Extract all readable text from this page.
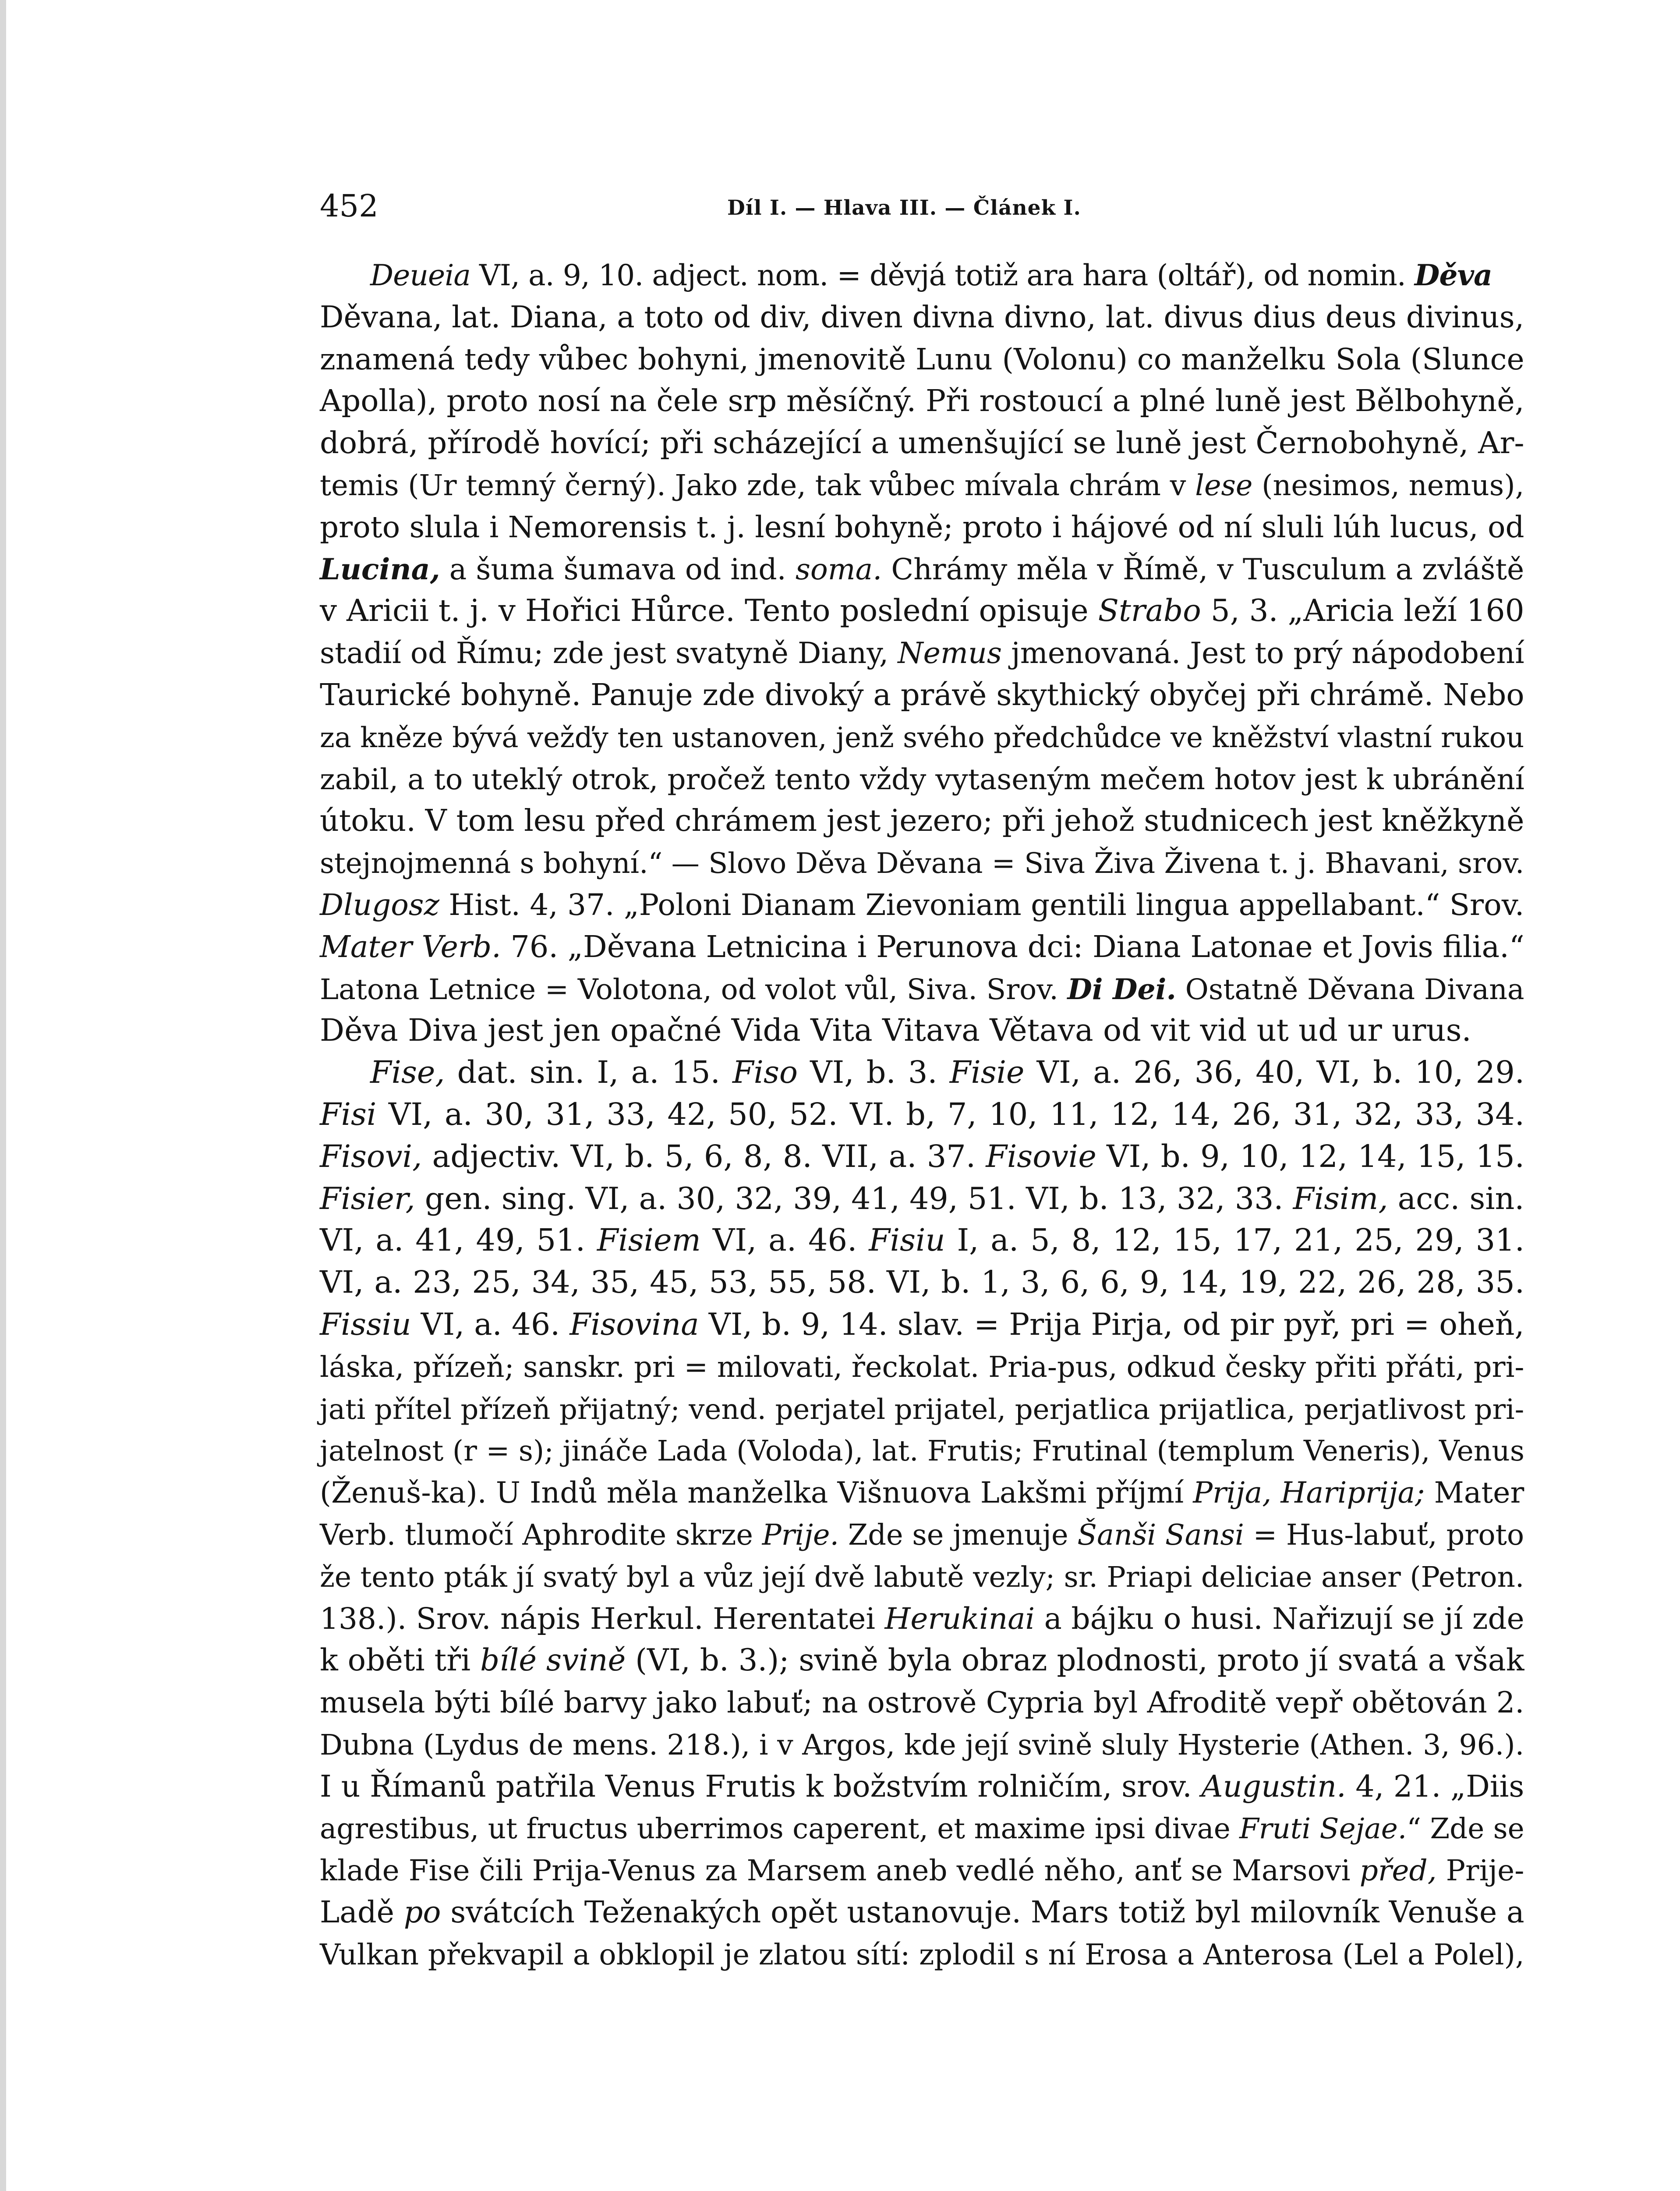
452	Díl I. — Hlava III. — Článek I.
Deueia VI, a. 9, 10. adject. nom. = děvjá totiž ara hara (oltář), od nomin. Děva
Děvana, lat. Diana, a toto od div, diven divna divno, lat. divus dius deus divinus,
znamená tedy vůbec bohyni, jmenovitě Lunu (Volonu) co manželku Sola (Slunce
Apolla), proto nosí na čele srp měsíčný. Při rostoucí a plné luně jest Bělbohyně,
dobrá, přírodě hovící; při scházející a umenšující se luně jest Černobohyně, Ar-
temis (Ur temný černý). Jako zde, tak vůbec mívala chrám v lese (nesimos, nemus),
proto slula i Nemorensis t. j. lesní bohyně; proto i hájové od ní sluli lúh lucus, od
Lucina, a šuma šumava od ind. soma. Chrámy měla v Římě, v Tusculum a zvláště
v Aricii t. j. v Hořici Hůrce. Tento poslední opisuje Strabo 5, 3. „Aricia leží 160
stadií od Římu; zde jest svatyně Diany, Nemus jmenovaná. Jest to prý nápodobení
Taurické bohyně. Panuje zde divoký a právě skythický obyčej při chrámě. Nebo
za kněze bývá vežďy ten ustanoven, jenž svého předchůdce ve kněžství vlastní rukou
zabil, a to uteklý otrok, pročež tento vždy vytaseným mečem hotov jest k ubránění
útoku. V tom lesu před chrámem jest jezero; při jehož studnicech jest kněžkyně
stejnojmenná s bohyní.“ — Slovo Děva Děvana = Siva Živa Živena t. j. Bhavani, srov.
Dlugosz Hist. 4, 37. „Poloni Dianam Zievoniam gentili lingua appellabant.“ Srov.
Mater Verb. 76. „Děvana Letnicina i Perunova dci: Diana Latonae et Jovis filia.“
Latona Letnice = Volotona, od volot vůl, Siva. Srov. Di Dei. Ostatně Děvana Divana
Děva Diva jest jen opačné Vida Vita Vitava Větava od vit vid ut ud ur urus.
Fise, dat. sin. I, a. 15. Fiso VI, b. 3. Fisie VI, a. 26, 36, 40, VI, b. 10, 29.
Fisi VI, a. 30, 31, 33, 42, 50, 52. VI. b, 7, 10, 11, 12, 14, 26, 31, 32, 33, 34.
Fisovi, adjectiv. VI, b. 5, 6, 8, 8. VII, a. 37. Fisovie VI, b. 9, 10, 12, 14, 15, 15.
Fisier, gen. sing. VI, a. 30, 32, 39, 41, 49, 51. VI, b. 13, 32, 33. Fisim, acc. sin.
VI, a. 41, 49, 51. Fisiem VI, a. 46. Fisiu I, a. 5, 8, 12, 15, 17, 21, 25, 29, 31.
VI, a. 23, 25, 34, 35, 45, 53, 55, 58. VI, b. 1, 3, 6, 6, 9, 14, 19, 22, 26, 28, 35.
Fissiu VI, a. 46. Fisovina VI, b. 9, 14. slav. = Prija Pirja, od pir pyř, pri = oheň,
láska, přízeň; sanskr. pri = milovati, řeckolat. Pria-pus, odkud česky přiti přáti, pri-
jati přítel přízeň přijatný; vend. perjatel prijatel, perjatlica prijatlica, perjatlivost pri-
jatelnost (r = s); jináče Lada (Voloda), lat. Frutis; Frutinal (templum Veneris), Venus
(Ženuš-ka). U Indů měla manželka Višnuova Lakšmi příjmí Prija, Hariprija; Mater
Verb. tlumočí Aphrodite skrze Prije. Zde se jmenuje Šanši Sansi = Hus-labuť, proto
že tento pták jí svatý byl a vůz její dvě labutě vezly; sr. Priapi deliciae anser (Petron.
138.). Srov. nápis Herkul. Herentatei Herukinai a bájku o husi. Nařizují se jí zde
k oběti tři bílé svině (VI, b. 3.); svině byla obraz plodnosti, proto jí svatá a však
musela býti bílé barvy jako labuť; na ostrově Cypria byl Afroditě vepř obětován 2.
Dubna (Lydus de mens. 218.), i v Argos, kde její svině sluly Hysterie (Athen. 3, 96.).
I u Římanů patřila Venus Frutis k božstvím rolničím, srov. Augustin. 4, 21. „Diis
agrestibus, ut fructus uberrimos caperent, et maxime ipsi divae Fruti Sejae.“ Zde se
klade Fise čili Prija-Venus za Marsem aneb vedlé něho, anť se Marsovi před, Prije-
Ladě po svátcích Teženakých opět ustanovuje. Mars totiž byl milovník Venuše a
Vulkan překvapil a obklopil je zlatou sítí: zplodil s ní Erosa a Anterosa (Lel a Polel),
